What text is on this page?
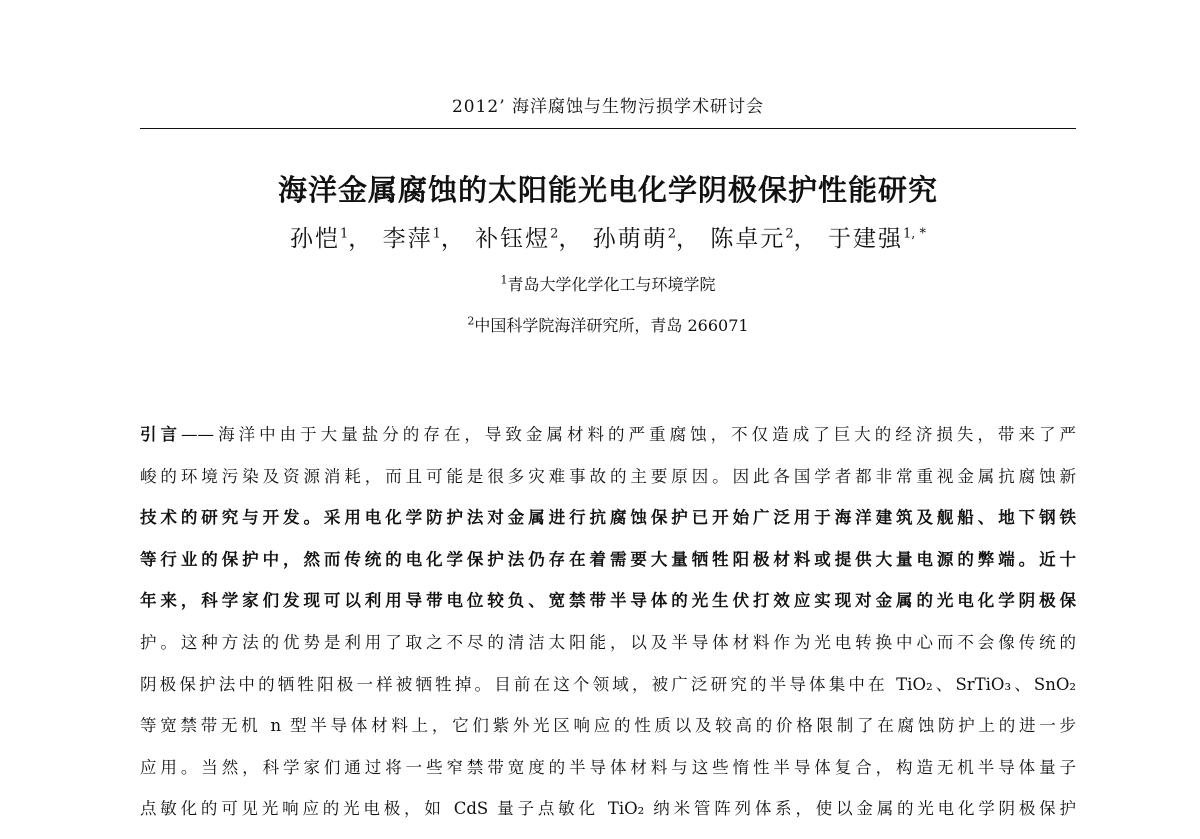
2012’ 海洋腐蚀与生物污损学术研讨会
海洋金属腐蚀的太阳能光电化学阴极保护性能研究
孙恺$^1$， 李萍$^1$， 补钰煜$^2$， 孙萌萌$^2$， 陈卓元$^2$， 于建强$^{1, *}$
$^1$青岛大学化学化工与环境学院
$^2$中国科学院海洋研究所，青岛 266071
引言——海洋中由于大量盐分的存在，导致金属材料的严重腐蚀，不仅造成了巨大的经济损失，带来了严
峻的环境污染及资源消耗，而且可能是很多灾难事故的主要原因。因此各国学者都非常重视金属抗腐蚀新
技术的研究与开发。采用电化学防护法对金属进行抗腐蚀保护已开始广泛用于海洋建筑及舰船、地下钢铁
等行业的保护中，然而传统的电化学保护法仍存在着需要大量牺牲阳极材料或提供大量电源的弊端。近十
年来，科学家们发现可以利用导带电位较负、宽禁带半导体的光生伏打效应实现对金属的光电化学阴极保
护。这种方法的优势是利用了取之不尽的清洁太阳能，以及半导体材料作为光电转换中心而不会像传统的
阴极保护法中的牺牲阳极一样被牺牲掉。目前在这个领域，被广泛研究的半导体集中在 TiO₂、SrTiO₃、SnO₂
等宽禁带无机 n 型半导体材料上，它们紫外光区响应的性质以及较高的价格限制了在腐蚀防护上的进一步
应用。当然，科学家们通过将一些窄禁带宽度的半导体材料与这些惰性半导体复合，构造无机半导体量子
点敏化的可见光响应的光电极，如 CdS 量子点敏化 TiO₂ 纳米管阵列体系，使以金属的光电化学阴极保护
